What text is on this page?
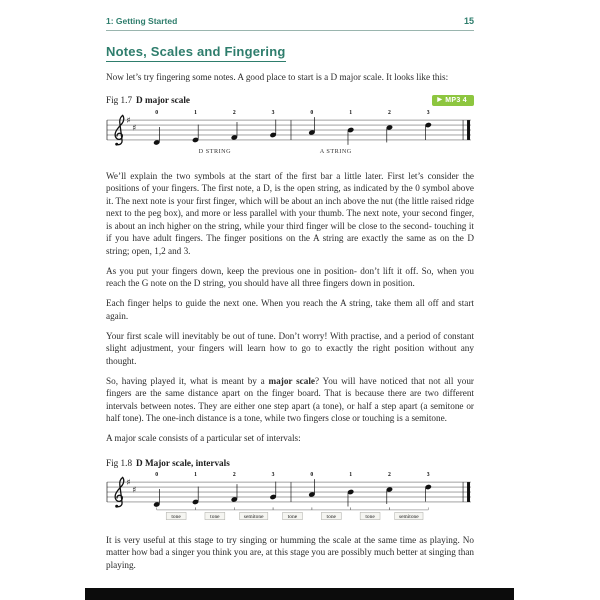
1: Getting Started	15
Notes, Scales and Fingering

Now let’s try fingering some notes. A good place to start is a D major scale. It looks like this:

Fig 1.7 D major scale	▶ MP3 4
♯
♯
0	1	2	3	0	1	2	3
D STRING	A STRING

We’ll explain the two symbols at the start of the first bar a little later. First let’s consider the positions of your fingers. The first note, a D, is the open string, as indicated by the 0 symbol above it. The next note is your first finger, which will be about an inch above the nut (the little raised ridge next to the peg box), and more or less parallel with your thumb. The next note, your second finger, is about an inch higher on the string, while your third finger will be close to the second- touching it if you have adult fingers. The finger positions on the A string are exactly the same as on the D string; open, 1,2 and 3.

As you put your fingers down, keep the previous one in position- don’t lift it off. So, when you reach the G note on the D string, you should have all three fingers down in position.

Each finger helps to guide the next one. When you reach the A string, take them all off and start again.

Your first scale will inevitably be out of tune. Don’t worry! With practise, and a period of constant slight adjustment, your fingers will learn how to go to exactly the right position without any thought.

So, having played it, what is meant by a major scale? You will have noticed that not all your fingers are the same distance apart on the finger board. That is because there are two different intervals between notes. They are either one step apart (a tone), or half a step apart (a semitone or half tone). The one-inch distance is a tone, while two fingers close or touching is a semitone.

A major scale consists of a particular set of intervals:

Fig 1.8 D Major scale, intervals
♯
♯
0	1	2	3	0	1	2	3
tone	tone semitone tone	tone	tone semitone

It is very useful at this stage to try singing or humming the scale at the same time as playing. No matter how bad a singer you think you are, at this stage you are possibly much better at singing than playing.
